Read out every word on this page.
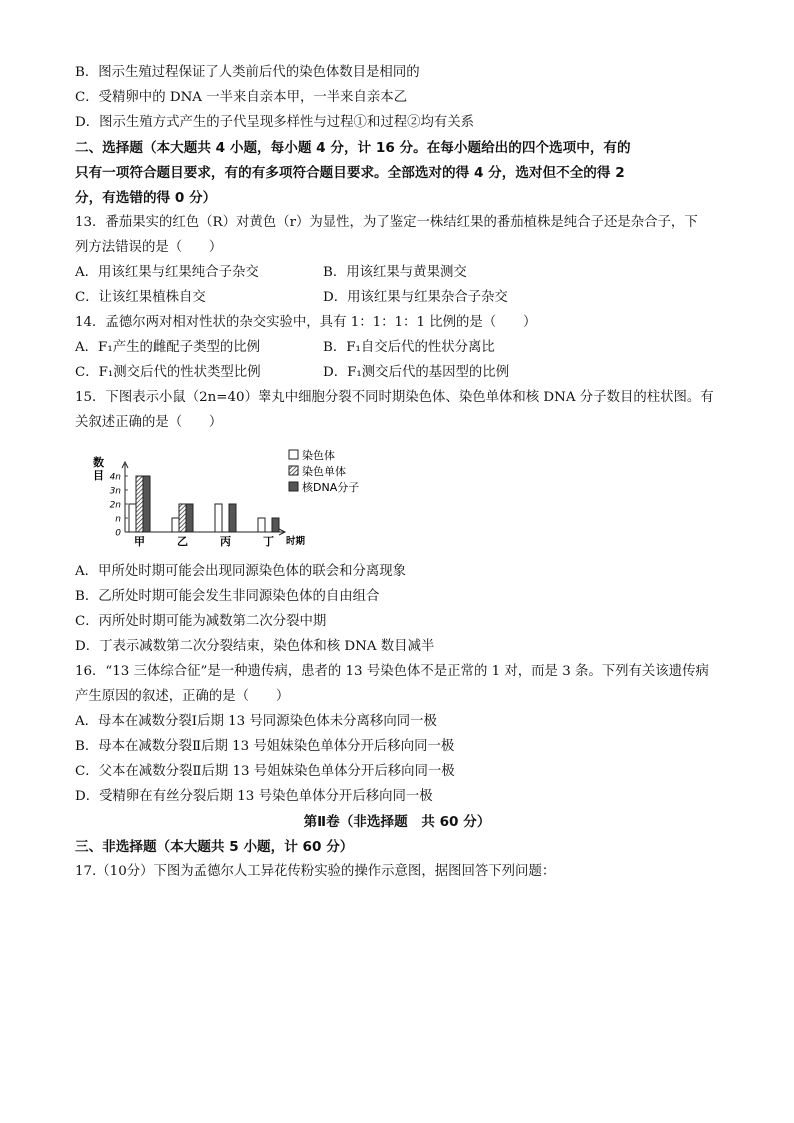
B．图示生殖过程保证了人类前后代的染色体数目是相同的
C．受精卵中的 DNA 一半来自亲本甲，一半来自亲本乙
D．图示生殖方式产生的子代呈现多样性与过程①和过程②均有关系
二、选择题（本大题共 4 小题，每小题 4 分，计 16 分。在每小题给出的四个选项中，有的
只有一项符合题目要求，有的有多项符合题目要求。全部选对的得 4 分，选对但不全的得 2
分，有选错的得 0 分）
13．番茄果实的红色（R）对黄色（r）为显性，为了鉴定一株结红果的番茄植株是纯合子还是杂合子，下
列方法错误的是（　　）
A．用该红果与红果纯合子杂交	B．用该红果与黄果测交
C．让该红果植株自交	D．用该红果与红果杂合子杂交
14．孟德尔两对相对性状的杂交实验中，具有 1：1：1：1 比例的是（　　）
A．F₁产生的雌配子类型的比例	B．F₁自交后代的性状分离比
C．F₁测交后代的性状类型比例	D．F₁测交后代的基因型的比例
15．下图表示小鼠（2n=40）睾丸中细胞分裂不同时期染色体、染色单体和核 DNA 分子数目的柱状图。有
关叙述正确的是（　　）
数
目
0
n
2n
3n
4n
甲	乙	丙	丁 时期
染色体
染色单体
核DNA分子
A．甲所处时期可能会出现同源染色体的联会和分离现象
B．乙所处时期可能会发生非同源染色体的自由组合
C．丙所处时期可能为减数第二次分裂中期
D．丁表示减数第二次分裂结束，染色体和核 DNA 数目减半
16．“13 三体综合征”是一种遗传病，患者的 13 号染色体不是正常的 1 对，而是 3 条。下列有关该遗传病
产生原因的叙述，正确的是（　　）
A．母本在减数分裂Ⅰ后期 13 号同源染色体未分离移向同一极
B．母本在减数分裂Ⅱ后期 13 号姐妹染色单体分开后移向同一极
C．父本在减数分裂Ⅱ后期 13 号姐妹染色单体分开后移向同一极
D．受精卵在有丝分裂后期 13 号染色单体分开后移向同一极
第Ⅱ卷（非选择题　共 60 分）
三、非选择题（本大题共 5 小题，计 60 分）
17.（10分）下图为孟德尔人工异花传粉实验的操作示意图，据图回答下列问题：
